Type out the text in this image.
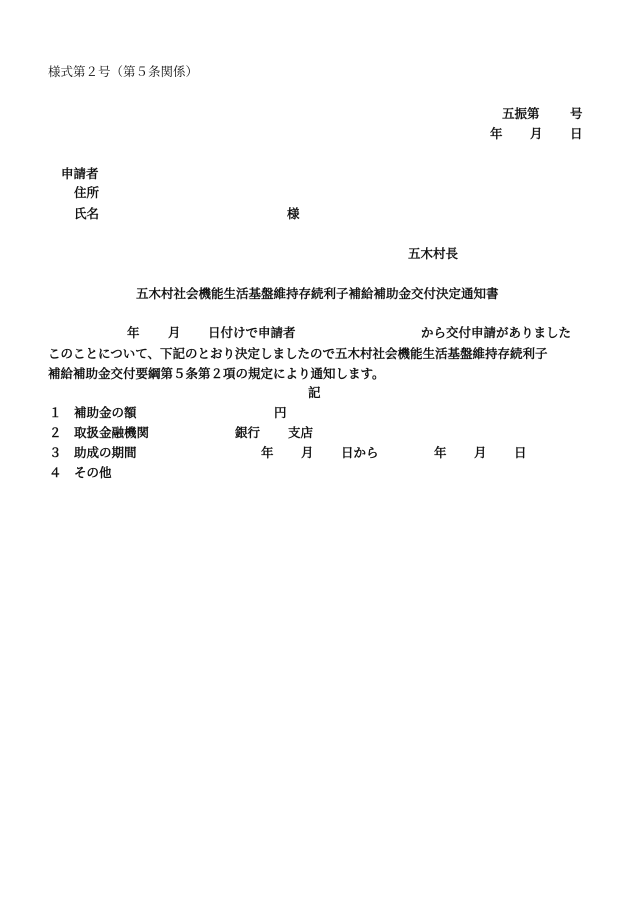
様式第２号（第５条関係）
五振第 号
年 月 日
申請者
住所
氏名	様
五木村長
五木村社会機能生活基盤維持存続利子補給補助金交付決定通知書
年 月 日付けで申請者	から交付申請がありました
このことについて、下記のとおり決定しましたので五木村社会機能生活基盤維持存続利子
補給補助金交付要綱第５条第２項の規定により通知します。
記
１ 補助金の額	円
２ 取扱金融機関	銀行 支店
３ 助成の期間	年 月 日から	年 月 日
４ その他
